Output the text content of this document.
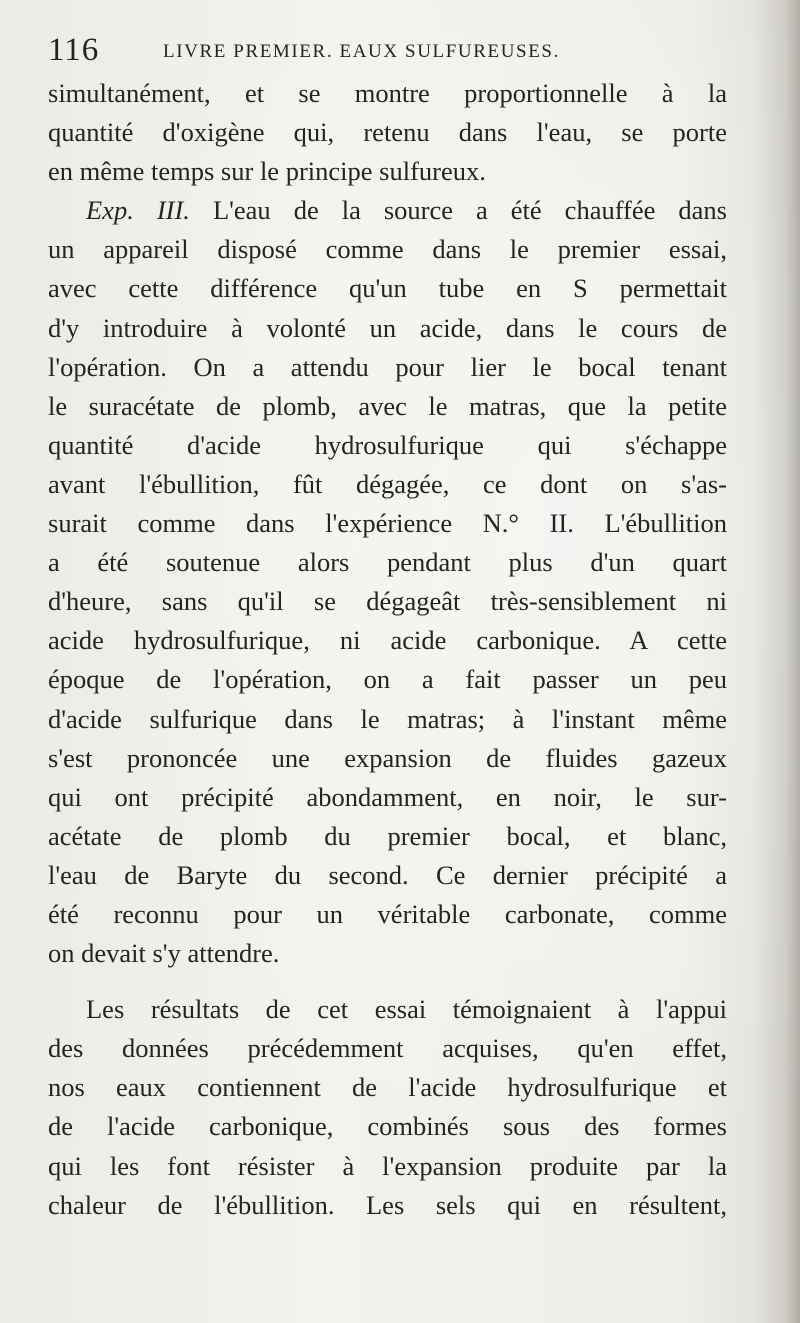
116	LIVRE PREMIER. EAUX SULFUREUSES.
simultanément, et se montre proportionnelle à la
quantité d'oxigène qui, retenu dans l'eau, se porte
en même temps sur le principe sulfureux.
Exp. III. L'eau de la source a été chauffée dans
un appareil disposé comme dans le premier essai,
avec cette différence qu'un tube en S permettait
d'y introduire à volonté un acide, dans le cours de
l'opération. On a attendu pour lier le bocal tenant
le suracétate de plomb, avec le matras, que la petite
quantité d'acide hydrosulfurique qui s'échappe
avant l'ébullition, fût dégagée, ce dont on s'as-
surait comme dans l'expérience N.° II. L'ébullition
a été soutenue alors pendant plus d'un quart
d'heure, sans qu'il se dégageât très-sensiblement ni
acide hydrosulfurique, ni acide carbonique. A cette
époque de l'opération, on a fait passer un peu
d'acide sulfurique dans le matras; à l'instant même
s'est prononcée une expansion de fluides gazeux
qui ont précipité abondamment, en noir, le sur-
acétate de plomb du premier bocal, et blanc,
l'eau de Baryte du second. Ce dernier précipité a
été reconnu pour un véritable carbonate, comme
on devait s'y attendre.
Les résultats de cet essai témoignaient à l'appui
des données précédemment acquises, qu'en effet,
nos eaux contiennent de l'acide hydrosulfurique et
de l'acide carbonique, combinés sous des formes
qui les font résister à l'expansion produite par la
chaleur de l'ébullition. Les sels qui en résultent,
